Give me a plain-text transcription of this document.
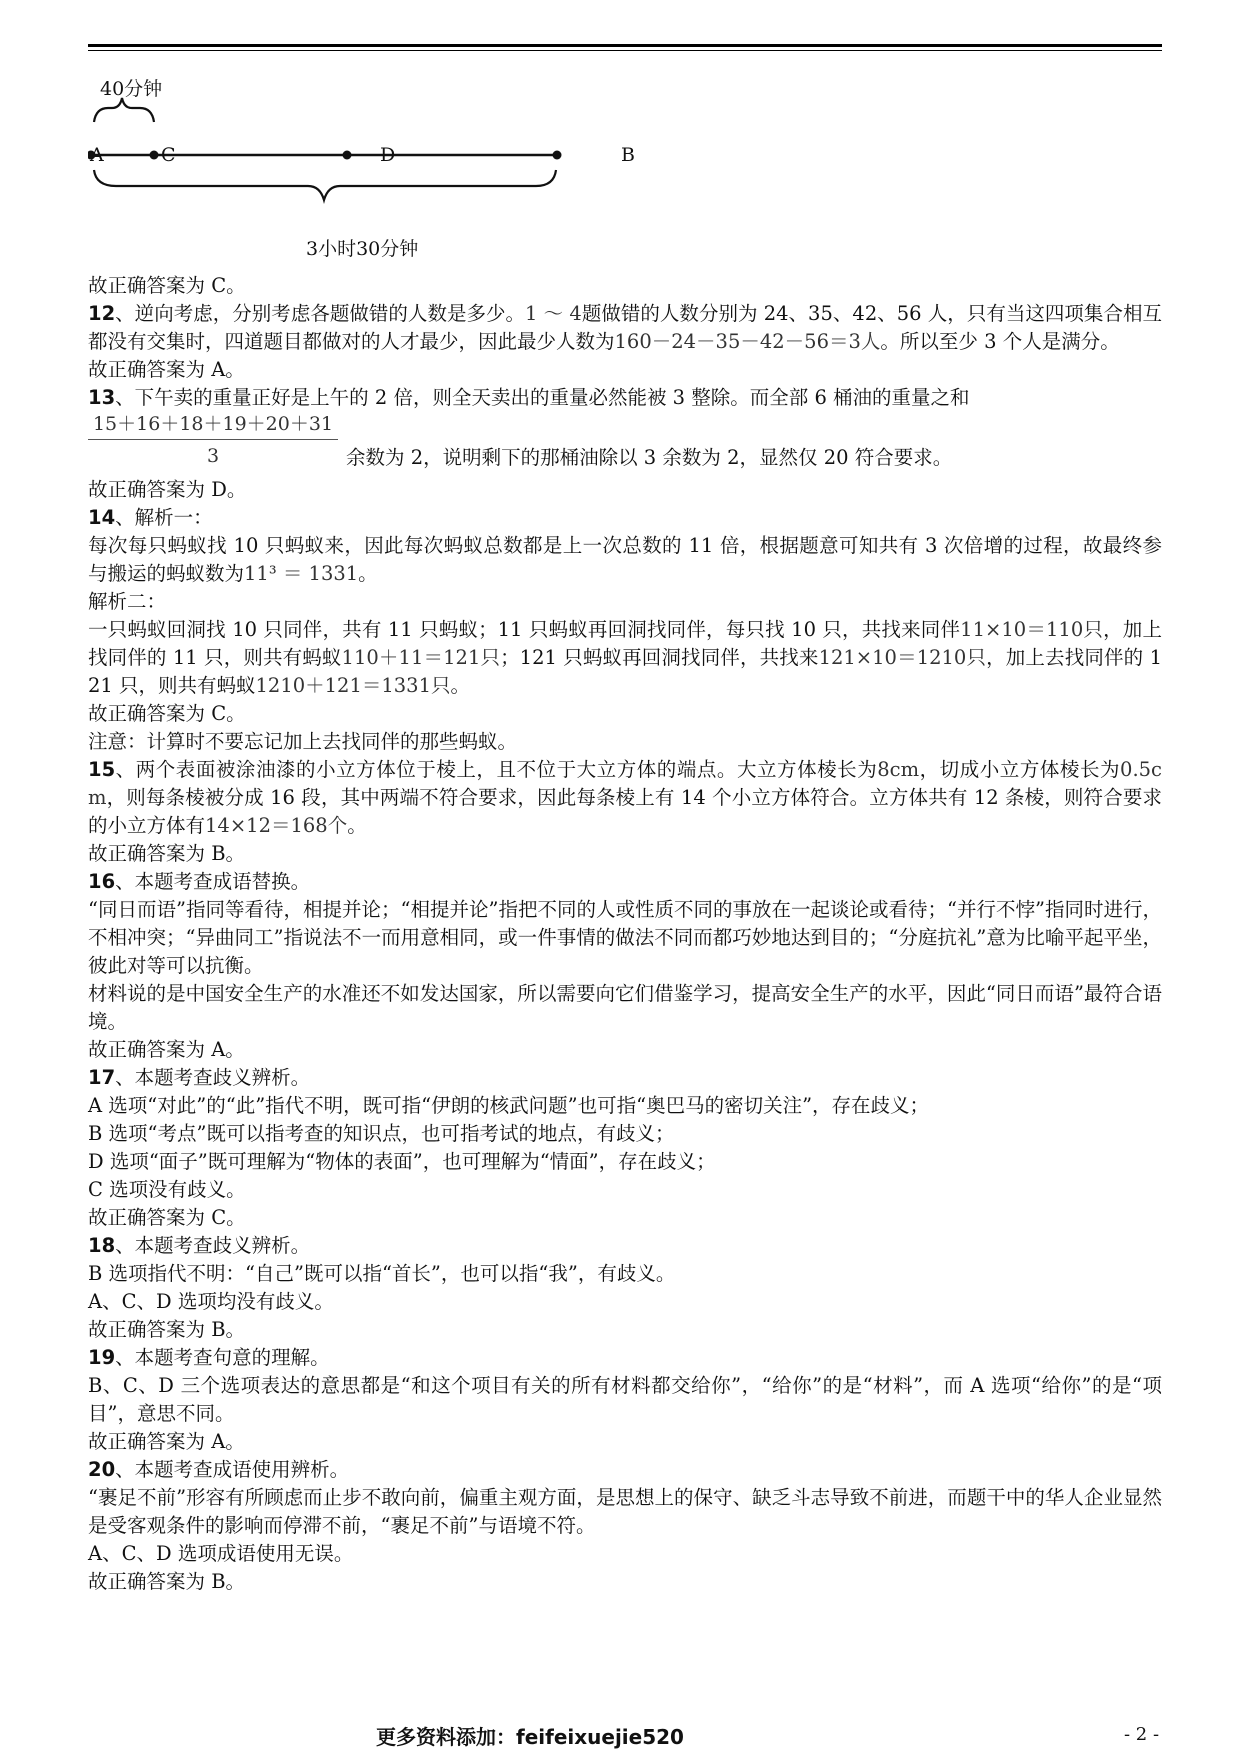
40分钟
A	C	D	B
3小时30分钟

故正确答案为 C。

12、逆向考虑，分别考虑各题做错的人数是多少。1 ～ 4题做错的人数分别为 24、35、42、56 人，只有当这四项集合相互都没有交集时，四道题目都做对的人才最少，因此最少人数为160－24－35－42－56＝3人。所以至少 3 个人是满分。

故正确答案为 A。

13、下午卖的重量正好是上午的 2 倍，则全天卖出的重量必然能被 3 整除。而全部 6 桶油的重量之和

15＋16＋18＋19＋20＋31
3	余数为 2，说明剩下的那桶油除以 3 余数为 2，显然仅 20 符合要求。

故正确答案为 D。

14、解析一：

每次每只蚂蚁找 10 只蚂蚁来，因此每次蚂蚁总数都是上一次总数的 11 倍，根据题意可知共有 3 次倍增的过程，故最终参与搬运的蚂蚁数为11³ ＝ 1331。

解析二：

一只蚂蚁回洞找 10 只同伴，共有 11 只蚂蚁；11 只蚂蚁再回洞找同伴，每只找 10 只，共找来同伴11×10＝110只，加上找同伴的 11 只，则共有蚂蚁110＋11＝121只；121 只蚂蚁再回洞找同伴，共找来121×10＝1210只，加上去找同伴的 121 只，则共有蚂蚁1210＋121＝1331只。

故正确答案为 C。

注意：计算时不要忘记加上去找同伴的那些蚂蚁。

15、两个表面被涂油漆的小立方体位于棱上，且不位于大立方体的端点。大立方体棱长为8cm，切成小立方体棱长为0.5cm，则每条棱被分成 16 段，其中两端不符合要求，因此每条棱上有 14 个小立方体符合。立方体共有 12 条棱，则符合要求的小立方体有14×12＝168个。

故正确答案为 B。

16、本题考查成语替换。

“同日而语”指同等看待，相提并论；“相提并论”指把不同的人或性质不同的事放在一起谈论或看待；“并行不悖”指同时进行，不相冲突；“异曲同工”指说法不一而用意相同，或一件事情的做法不同而都巧妙地达到目的；“分庭抗礼”意为比喻平起平坐，彼此对等可以抗衡。

材料说的是中国安全生产的水准还不如发达国家，所以需要向它们借鉴学习，提高安全生产的水平，因此“同日而语”最符合语境。

故正确答案为 A。

17、本题考查歧义辨析。

A 选项“对此”的“此”指代不明，既可指“伊朗的核武问题”也可指“奥巴马的密切关注”，存在歧义；

B 选项“考点”既可以指考查的知识点，也可指考试的地点，有歧义；

D 选项“面子”既可理解为“物体的表面”，也可理解为“情面”，存在歧义；

C 选项没有歧义。

故正确答案为 C。

18、本题考查歧义辨析。

B 选项指代不明：“自己”既可以指“首长”，也可以指“我”，有歧义。

A、C、D 选项均没有歧义。

故正确答案为 B。

19、本题考查句意的理解。

B、C、D 三个选项表达的意思都是“和这个项目有关的所有材料都交给你”，“给你”的是“材料”，而 A 选项“给你”的是“项目”，意思不同。

故正确答案为 A。

20、本题考查成语使用辨析。

“裹足不前”形容有所顾虑而止步不敢向前，偏重主观方面，是思想上的保守、缺乏斗志导致不前进，而题干中的华人企业显然是受客观条件的影响而停滞不前，“裹足不前”与语境不符。

A、C、D 选项成语使用无误。

故正确答案为 B。

更多资料添加：feifeixuejie520	- 2 -
